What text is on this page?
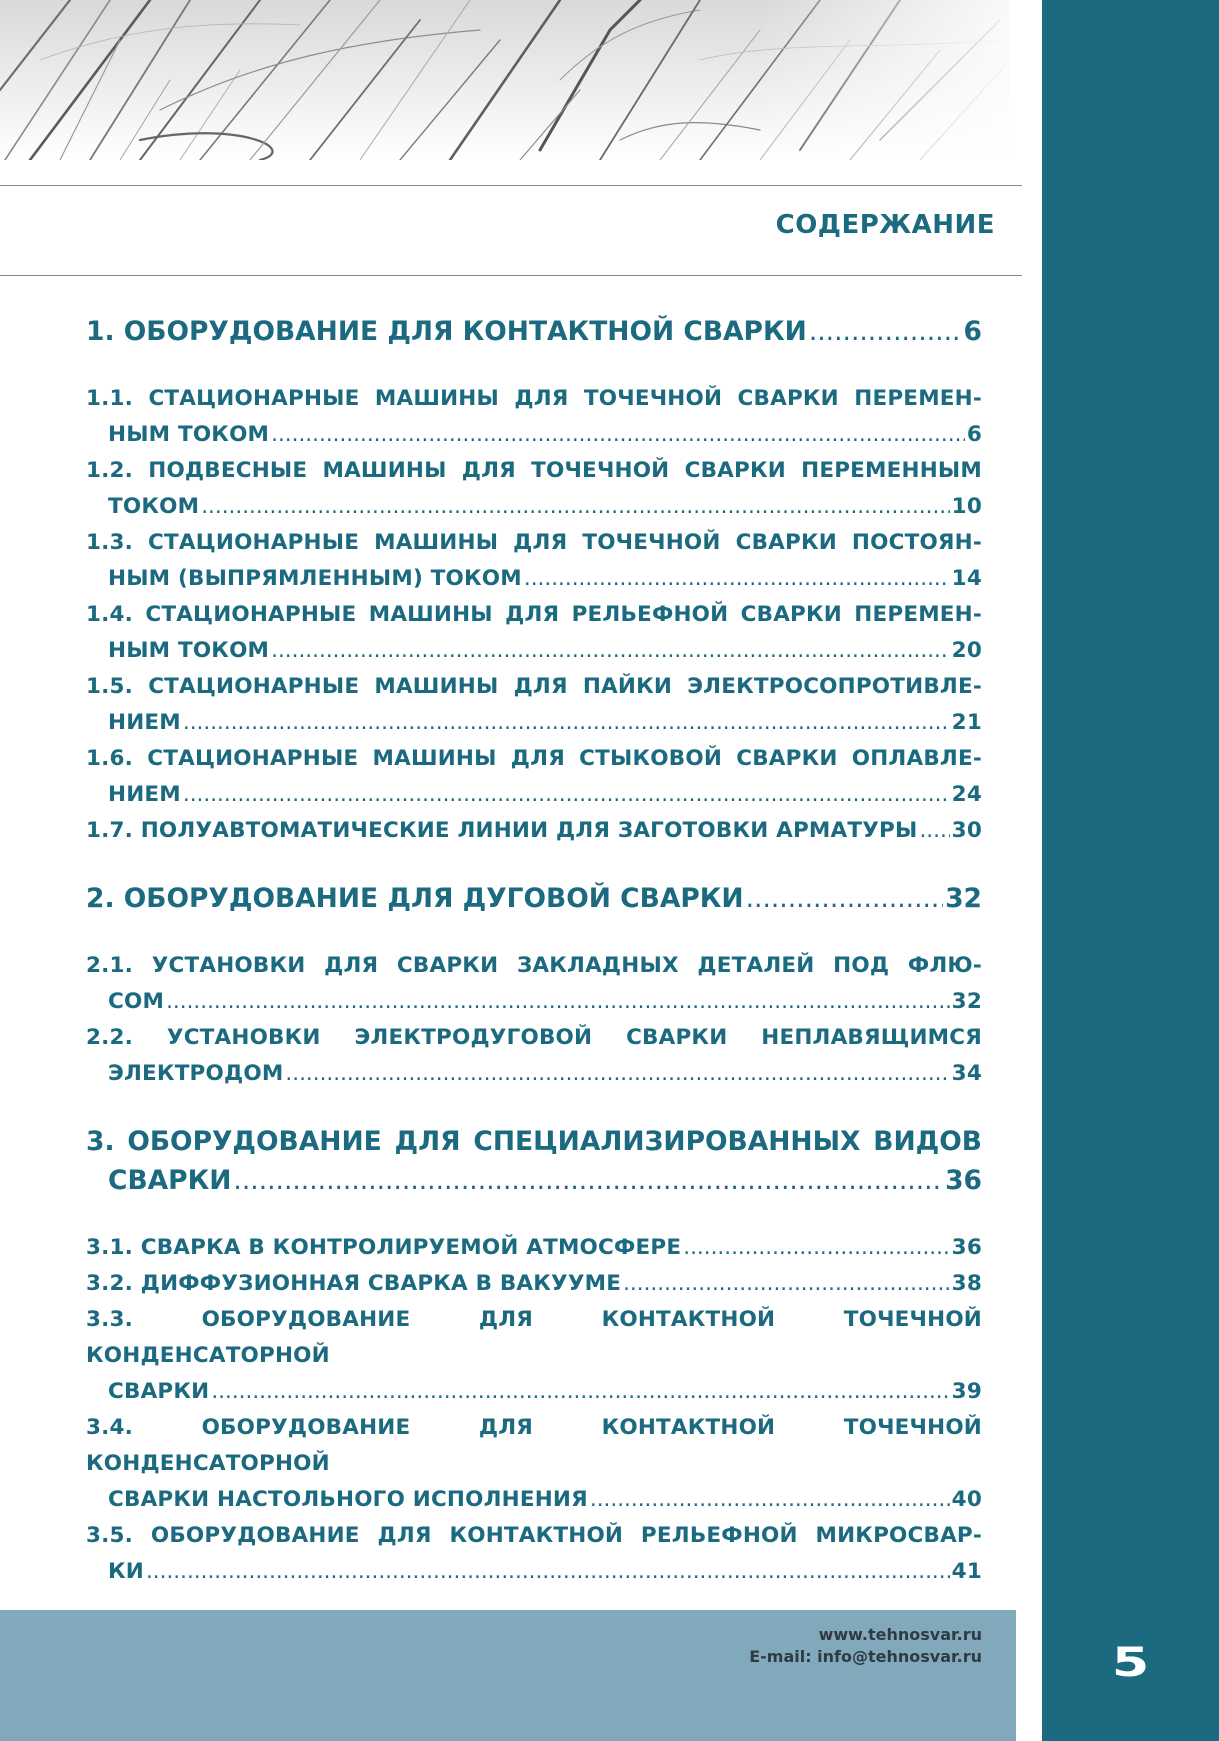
СОДЕРЖАНИЕ
1. ОБОРУДОВАНИЕ ДЛЯ КОНТАКТНОЙ СВАРКИ .....	6
1.1. СТАЦИОНАРНЫЕ МАШИНЫ ДЛЯ ТОЧЕЧНОЙ СВАРКИ ПЕРЕМЕН-
НЫМ ТОКОМ .....	6
1.2. ПОДВЕСНЫЕ МАШИНЫ ДЛЯ ТОЧЕЧНОЙ СВАРКИ ПЕРЕМЕННЫМ
ТОКОМ .....	10
1.3. СТАЦИОНАРНЫЕ МАШИНЫ ДЛЯ ТОЧЕЧНОЙ СВАРКИ ПОСТОЯН-
НЫМ (ВЫПРЯМЛЕННЫМ) ТОКОМ .....	14
1.4. СТАЦИОНАРНЫЕ МАШИНЫ ДЛЯ РЕЛЬЕФНОЙ СВАРКИ ПЕРЕМЕН-
НЫМ ТОКОМ .....	20
1.5. СТАЦИОНАРНЫЕ МАШИНЫ ДЛЯ ПАЙКИ ЭЛЕКТРОСОПРОТИВЛЕ-
НИЕМ .....	21
1.6. СТАЦИОНАРНЫЕ МАШИНЫ ДЛЯ СТЫКОВОЙ СВАРКИ ОПЛАВЛЕ-
НИЕМ .....	24
1.7. ПОЛУАВТОМАТИЧЕСКИЕ ЛИНИИ ДЛЯ ЗАГОТОВКИ АРМАТУРЫ ..... 30
2. ОБОРУДОВАНИЕ ДЛЯ ДУГОВОЙ СВАРКИ .....	32
2.1. УСТАНОВКИ ДЛЯ СВАРКИ ЗАКЛАДНЫХ ДЕТАЛЕЙ ПОД ФЛЮ-
СОМ .....	32
2.2. УСТАНОВКИ ЭЛЕКТРОДУГОВОЙ СВАРКИ НЕПЛАВЯЩИМСЯ
ЭЛЕКТРОДОМ .....	34
3. ОБОРУДОВАНИЕ ДЛЯ СПЕЦИАЛИЗИРОВАННЫХ ВИДОВ
СВАРКИ .....	36
3.1. СВАРКА В КОНТРОЛИРУЕМОЙ АТМОСФЕРЕ .....	36
3.2. ДИФФУЗИОННАЯ СВАРКА В ВАКУУМЕ .....	38
3.3. ОБОРУДОВАНИЕ ДЛЯ КОНТАКТНОЙ ТОЧЕЧНОЙ КОНДЕНСАТОРНОЙ
СВАРКИ .....	39
3.4. ОБОРУДОВАНИЕ ДЛЯ КОНТАКТНОЙ ТОЧЕЧНОЙ КОНДЕНСАТОРНОЙ
СВАРКИ НАСТОЛЬНОГО ИСПОЛНЕНИЯ .....	40
3.5. ОБОРУДОВАНИЕ ДЛЯ КОНТАКТНОЙ РЕЛЬЕФНОЙ МИКРОСВАР-
КИ .....	41
5
www.tehnosvar.ru
E-mail: info@tehnosvar.ru
